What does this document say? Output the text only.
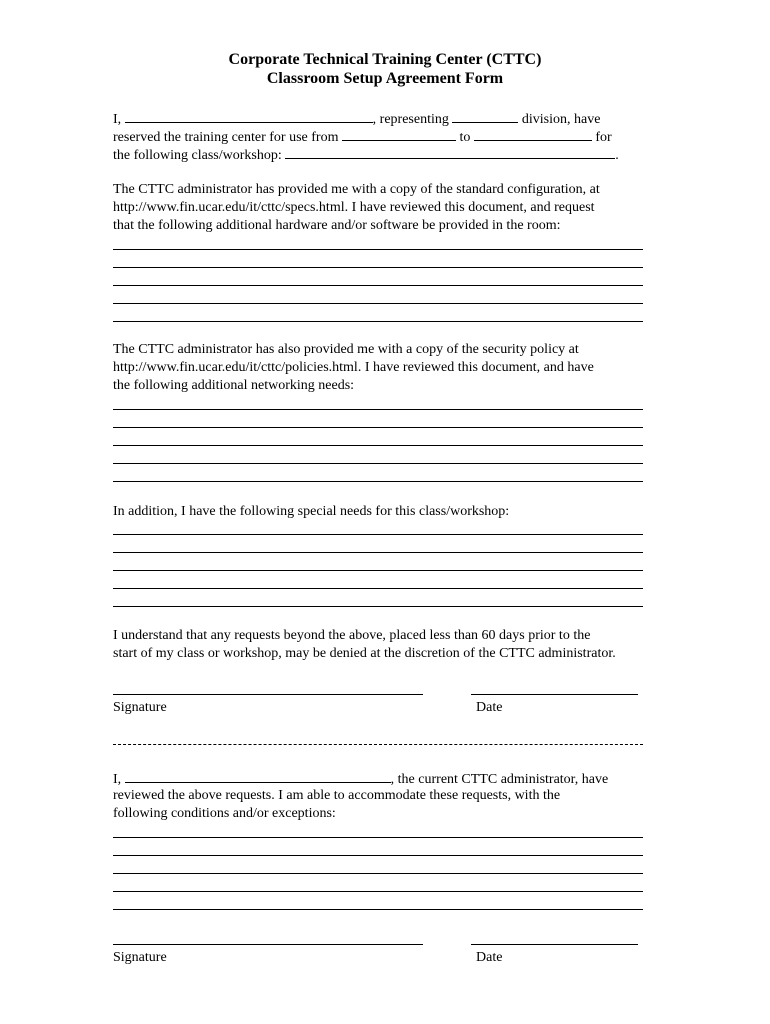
Corporate Technical Training Center (CTTC)
Classroom Setup Agreement Form
I,	, representing	division, have
reserved the training center for use from	to	for
the following class/workshop:	.
The CTTC administrator has provided me with a copy of the standard configuration, at
http://www.fin.ucar.edu/it/cttc/specs.html. I have reviewed this document, and request
that the following additional hardware and/or software be provided in the room:
The CTTC administrator has also provided me with a copy of the security policy at
http://www.fin.ucar.edu/it/cttc/policies.html. I have reviewed this document, and have
the following additional networking needs:
In addition, I have the following special needs for this class/workshop:
I understand that any requests beyond the above, placed less than 60 days prior to the
start of my class or workshop, may be denied at the discretion of the CTTC administrator.
Signature	Date
I,	, the current CTTC administrator, have
reviewed the above requests. I am able to accommodate these requests, with the
following conditions and/or exceptions:
Signature	Date
